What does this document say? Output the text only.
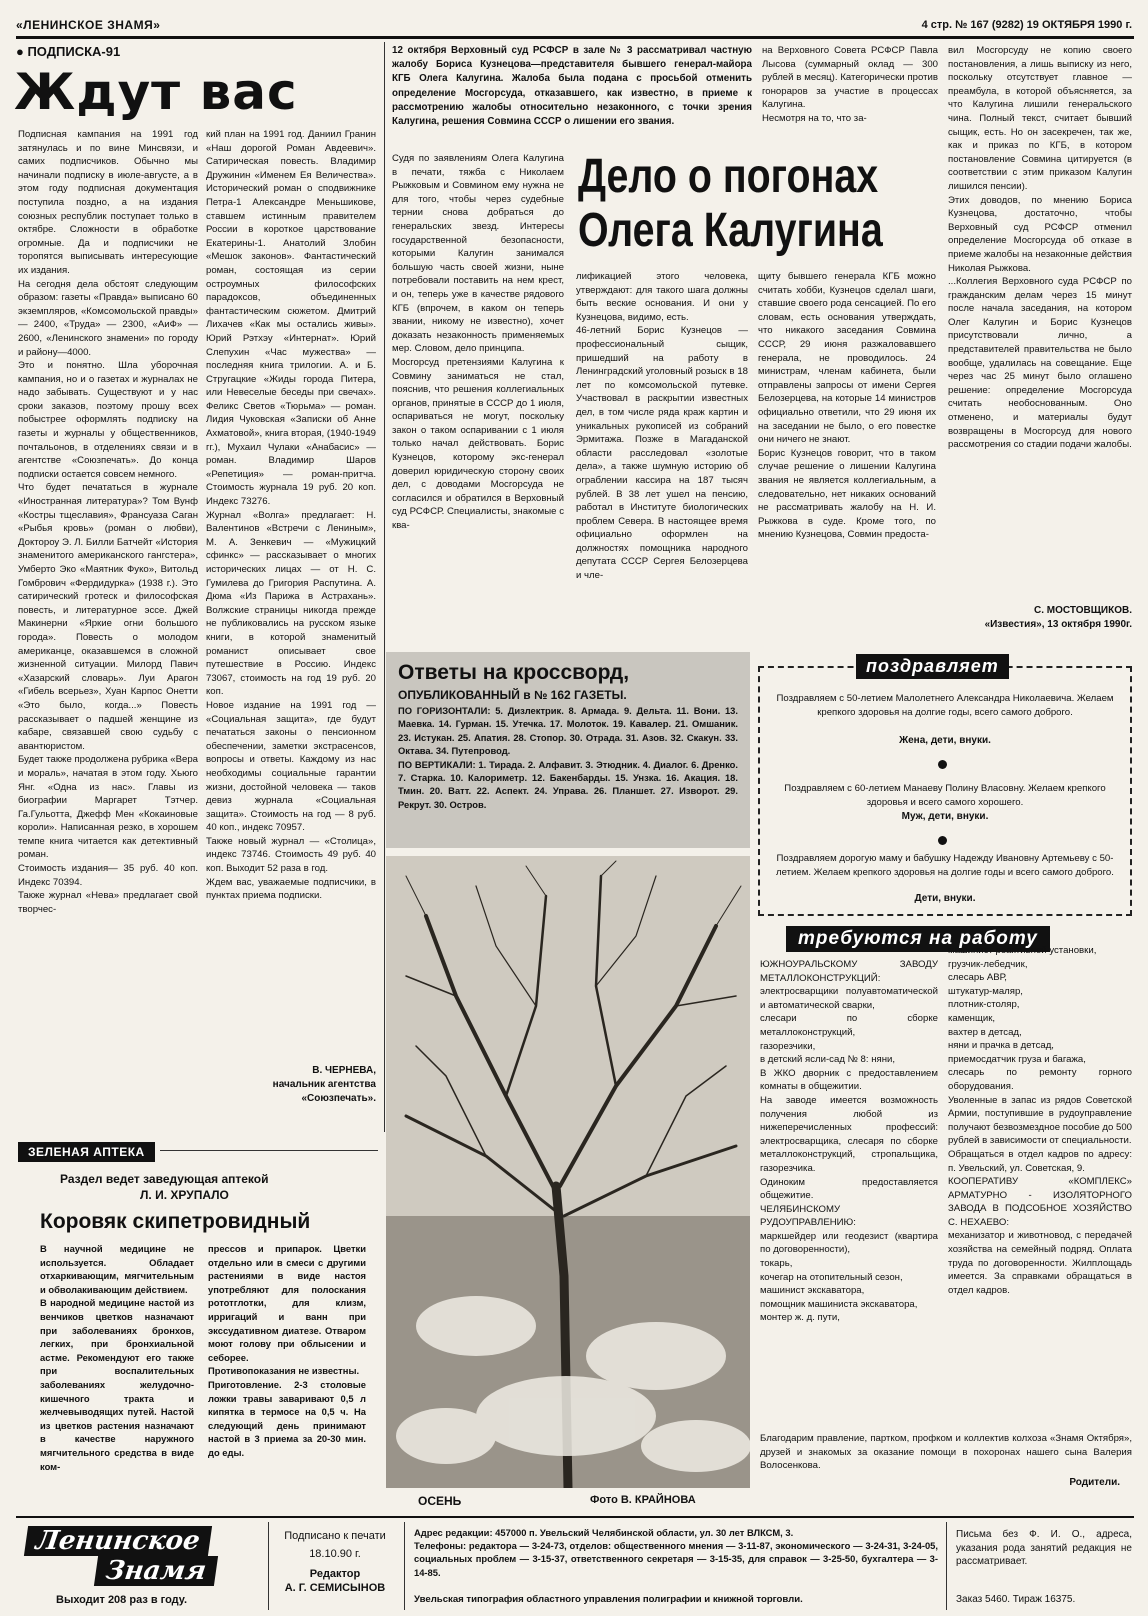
«ЛЕНИНСКОЕ ЗНАМЯ»	4 стр. № 167 (9282) 19 ОКТЯБРЯ 1990 г.
● ПОДПИСКА-91
Ждут вас
Подписная кампания на 1991 год затянулась и по вине Минсвязи, и самих подписчиков. Обычно мы начинали подписку в июле-августе, а в этом году подписная документация поступила поздно, а на издания союзных республик поступает только в октябре. Сложности в обработке огромные. Да и подписчики не торопятся выписывать интересующие их издания.
На сегодня дела обстоят следующим образом: газеты «Правда» выписано 60 экземпляров, «Комсомольской правды» — 2400, «Труда» — 2300, «АиФ» — 2600, «Ленинского знамени» по городу и району—4000.
Это и понятно. Шла уборочная кампания, но и о газетах и журналах не надо забывать. Существуют и у нас сроки заказов, поэтому прошу всех побыстрее оформлять подписку на газеты и журналы у общественников, почтальонов, в отделениях связи и в агентстве «Союзпечать». До конца подписки остается совсем немного.
Что будет печататься в журнале «Иностранная литература»? Том Вунф «Костры тщеславия», Франсуаза Саган «Рыбья кровь» (роман о любви), Доктороу Э. Л. Билли Батчейт «История знаменитого американского гангстера», Умберто Эко «Маятник Фуко», Витольд Гомбрович «Фердидурка» (1938 г.). Это сатирический гротеск и философская повесть, и литературное эссе. Джей Макинерни «Яркие огни большого города». Повесть о молодом американце, оказавшемся в сложной жизненной ситуации. Милорд Павич «Хазарский словарь». Луи Арагон «Гибель всерьез», Хуан Карпос Онетти «Это было, когда...» Повесть рассказывает о падшей женщине из кабаре, связавшей свою судьбу с авантюристом.
Будет также продолжена рубрика «Вера и мораль», начатая в этом году. Хьюго Янг. «Одна из нас». Главы из биографии Маргарет Тэтчер. Га.Гульотта, Джефф Мен «Кокаиновые короли». Написанная резко, в хорошем темпе книга читается как детективный роман.
Стоимость издания— 35 руб. 40 коп. Индекс 70394.
Также журнал «Нева» предлагает свой творчес-
кий план на 1991 год. Даниил Гранин «Наш дорогой Роман Авдеевич». Сатирическая повесть. Владимир Дружинин «Именем Ея Величества». Исторический роман о сподвижнике Петра-1 Александре Меньшикове, ставшем истинным правителем России в короткое царствование Екатерины-1. Анатолий Злобин «Мешок законов». Фантастический роман, состоящая из серии остроумных философских парадоксов, объединенных фантастическим сюжетом. Дмитрий Лихачев «Как мы остались живы». Юрий Рэтхэу «Интернат». Юрий Слепухин «Час мужества» — последняя книга трилогии. А. и Б. Стругацкие «Жиды города Питера, или Невеселые беседы при свечах». Феликс Светов «Тюрьма» — роман. Лидия Чуковская «Записки об Анне Ахматовой», книга вторая, (1940-1949 гг.), Мухаил Чулаки «Анабасис» — роман. Владимир Шаров «Репетиция» — роман-притча. Стоимость журнала 19 руб. 20 коп. Индекс 73276.
Журнал «Волга» предлагает: Н. Валентинов «Встречи с Лениным», М. А. Зенкевич — «Мужицкий сфинкс» — рассказывает о многих исторических лицах — от Н. С. Гумилева до Григория Распутина. А. Дюма «Из Парижа в Астрахань». Волжские страницы никогда прежде не публиковались на русском языке книги, в которой знаменитый романист описывает свое путешествие в Россию. Индекс 73067, стоимость на год 19 руб. 20 коп.
Новое издание на 1991 год — «Социальная защита», где будут печататься законы о пенсионном обеспечении, заметки экстрасенсов, вопросы и ответы. Каждому из нас необходимы социальные гарантии жизни, достойной человека — таков девиз журнала «Социальная защита». Стоимость на год — 8 руб. 40 коп., индекс 70957.
Также новый журнал — «Столица», индекс 73746. Стоимость 49 руб. 40 коп. Выходит 52 раза в год.
Ждем вас, уважаемые подписчики, в пунктах приема подписки.
В. ЧЕРНЕВА,
начальник агентства «Союзпечать».
12 октября Верховный суд РСФСР в зале № 3 рассматривал частную жалобу Бориса Кузнецова—представителя бывшего генерал-майора КГБ Олега Калугина. Жалоба была подана с просьбой отменить определение Мосгорсуда, отказавшего, как известно, в приеме к рассмотрению жалобы относительно незаконного, с точки зрения Калугина, решения Совмина СССР о лишении его звания.
на Верховного Совета РСФСР Павла Лысова (суммарный оклад — 300 рублей в месяц). Категорически против гонораров за участие в процессах Калугина.
Несмотря на то, что за-
Судя по заявлениям Олега Калугина в печати, тяжба с Николаем Рыжковым и Совмином ему нужна не для того, чтобы через судебные тернии снова добраться до генеральских звезд. Интересы государственной безопасности, которыми Калугин занимался большую часть своей жизни, ныне потребовали поставить на нем крест, и он, теперь уже в качестве рядового КГБ (впрочем, в каком он теперь звании, никому не известно), хочет доказать незаконность применяемых мер. Словом, дело принципа.
Мосгорсуд претензиями Калугина к Совмину заниматься не стал, пояснив, что решения коллегиальных органов, принятые в СССР до 1 июля, оспариваться не могут, поскольку закон о таком оспаривании с 1 июля только начал действовать. Борис Кузнецов, которому экс-генерал доверил юридическую сторону своих дел, с доводами Мосгорсуда не согласился и обратился в Верховный суд РСФСР. Специалисты, знакомые с ква-
Дело о погонах Олега Калугина
лификацией этого человека, утверждают: для такого шага должны быть веские основания. И они у Кузнецова, видимо, есть.
46-летний Борис Кузнецов — профессиональный сыщик, пришедший на работу в Ленинградский уголовный розыск в 18 лет по комсомольской путевке. Участвовал в раскрытии известных дел, в том числе ряда краж картин и уникальных рукописей из собраний Эрмитажа. Позже в Магаданской области расследовал «золотые дела», а также шумную историю об ограблении кассира на 187 тысяч рублей. В 38 лет ушел на пенсию, работал в Институте биологических проблем Севера. В настоящее время официально оформлен на должностях помощника народного депутата СССР Сергея Белозерцева и чле-
щиту бывшего генерала КГБ можно считать хобби, Кузнецов сделал шаги, ставшие своего рода сенсацией. По его словам, есть основания утверждать, что никакого заседания Совмина СССР, 29 июня разжаловавшего генерала, не проводилось. 24 министрам, членам кабинета, были отправлены запросы от имени Сергея Белозерцева, на которые 14 министров официально ответили, что 29 июня их на заседании не было, о его повестке они ничего не знают.
Борис Кузнецов говорит, что в таком случае решение о лишении Калугина звания не является коллегиальным, а следовательно, нет никаких оснований не рассматривать жалобу на Н. И. Рыжкова в суде. Кроме того, по мнению Кузнецова, Совмин предоста-
вил Мосгорсуду не копию своего постановления, а лишь выписку из него, поскольку отсутствует главное — преамбула, в которой объясняется, за что Калугина лишили генеральского чина. Полный текст, считает бывший сыщик, есть. Но он засекречен, так же, как и приказ по КГБ, в котором постановление Совмина цитируется (в соответствии с этим приказом Калугин лишился пенсии).
Этих доводов, по мнению Бориса Кузнецова, достаточно, чтобы Верховный суд РСФСР отменил определение Мосгорсуда об отказе в приеме жалобы на незаконные действия Николая Рыжкова.
...Коллегия Верховного суда РСФСР по гражданским делам через 15 минут после начала заседания, на котором Олег Калугин и Борис Кузнецов присутствовали лично, а представителей правительства не было вообще, удалилась на совещание. Еще через час 25 минут было оглашено решение: определение Мосгорсуда считать необоснованным. Оно отменено, и материалы будут возвращены в Мосгорсуд для нового рассмотрения со стадии подачи жалобы.
С. МОСТОВЩИКОВ.
«Известия», 13 октября 1990г.
Ответы на кроссворд,
ОПУБЛИКОВАННЫЙ в № 162 ГАЗЕТЫ.
ПО ГОРИЗОНТАЛИ: 5. Дизлектрик. 8. Армада. 9. Дельта. 11. Вони. 13. Маевка. 14. Гурман. 15. Утечка. 17. Молоток. 19. Кавалер. 21. Омшаник. 23. Истукан. 25. Апатия. 28. Стопор. 30. Отрада. 31. Азов. 32. Скакун. 33. Октава. 34. Путепровод.
ПО ВЕРТИКАЛИ: 1. Тирада. 2. Алфавит. 3. Этюдник. 4. Диалог. 6. Дренко. 7. Старка. 10. Калориметр. 12. Бакенбарды. 15. Унзка. 16. Акация. 18. Тмин. 20. Ватт. 22. Аспект. 24. Управа. 26. Планшет. 27. Изворот. 29. Рекрут. 30. Остров.
ОСЕНЬ	Фото В. КРАЙНОВА
поздравляет
Поздравляем с 50-летием Малолетнего Александра Николаевича. Желаем крепкого здоровья на долгие годы, всего самого доброго.
Жена, дети, внуки.
Поздравляем с 60-летием Манаеву Полину Власовну. Желаем крепкого здоровья и всего самого хорошего.
Муж, дети, внуки.
Поздравляем дорогую маму и бабушку Надежду Ивановну Артемьеву с 50-летием. Желаем крепкого здоровья на долгие годы и всего самого доброго.
Дети, внуки.
требуются на работу
ЮЖНОУРАЛЬСКОМУ ЗАВОДУ МЕТАЛЛОКОНСТРУКЦИЙ:
электросварщики полуавтоматической и автоматической сварки,
слесари по сборке металлоконструкций,
газорезчики,
в детский ясли-сад № 8: няни,
В ЖКО дворник с предоставлением комнаты в общежитии.
На заводе имеется возможность получения любой из нижеперечисленных профессий: электросварщика, слесаря по сборке металлоконструкций, стропальщика, газорезчика.
Одиноким предоставляется общежитие.
ЧЕЛЯБИНСКОМУ РУДОУПРАВЛЕНИЮ:
маркшейдер или геодезист (квартира по договоренности),
токарь,
кочегар на отопительный сезон,
машинист экскаватора,
помощник машиниста экскаватора,
монтер ж. д. пути,
машинист реактивной установки,
грузчик-лебедчик,
слесарь АВР,
штукатур-маляр,
плотник-столяр,
каменщик,
вахтер в детсад,
няни и прачка в детсад,
приемосдатчик груза и багажа,
слесарь по ремонту горного оборудования.
Уволенные в запас из рядов Советской Армии, поступившие в рудоуправление получают безвозмездное пособие до 500 рублей в зависимости от специальности.
Обращаться в отдел кадров по адресу: п. Увельский, ул. Советская, 9.
КООПЕРАТИВУ «КОМПЛЕКС» АРМАТУРНО - ИЗОЛЯТОРНОГО ЗАВОДА В ПОДСОБНОЕ ХОЗЯЙСТВО С. НЕХАЕВО:
механизатор и животновод, с передачей хозяйства на семейный подряд. Оплата труда по договоренности. Жилплощадь имеется. За справками обращаться в отдел кадров.
Благодарим правление, партком, профком и коллектив колхоза «Знамя Октября», друзей и знакомых за оказание помощи в похоронах нашего сына Валерия Волосенкова.
Родители.
ЗЕЛЕНАЯ АПТЕКА
Раздел ведет заведующая аптекой
Л. И. ХРУПАЛО
Коровяк скипетровидный
В научной медицине не используется. Обладает отхаркивающим, мягчительным и обволакивающим действием.
В народной медицине настой из венчиков цветков назначают при заболеваниях бронхов, легких, при бронхиальной астме. Рекомендуют его также при воспалительных заболеваниях желудочно-кишечного тракта и желчевыводящих путей. Настой из цветков растения назначают в качестве наружного мягчительного средства в виде ком-
прессов и припарок. Цветки отдельно или в смеси с другими растениями в виде настоя употребляют для полоскания рототглотки, для клизм, ирригаций и ванн при экссудативном диатезе. Отваром моют голову при облысении и себорее.
Противопоказания не известны.
Приготовление. 2-3 столовые ложки травы заваривают 0,5 л кипятка в термосе на 0,5 ч. На следующий день принимают настой в 3 приема за 20-30 мин. до еды.
Ленинское Знамя
Выходит 208 раз в году.
Подписано к печати
18.10.90 г.
Редактор
А. Г. СЕМИСЫНОВ
Адрес редакции: 457000 п. Увельский Челябинской области, ул. 30 лет ВЛКСМ, 3.
Телефоны: редактора — 3-24-73, отделов: общественного мнения — 3-11-87, экономического — 3-24-31, 3-24-05, социальных проблем — 3-15-37, ответственного секретаря — 3-15-35, для справок — 3-25-50, бухгалтера — 3-14-85.
Увельская типография областного управления полиграфии и книжной торговли.
Письма без Ф. И. О., адреса, указания рода занятий редакция не рассматривает.
Заказ 5460. Тираж 16375.
